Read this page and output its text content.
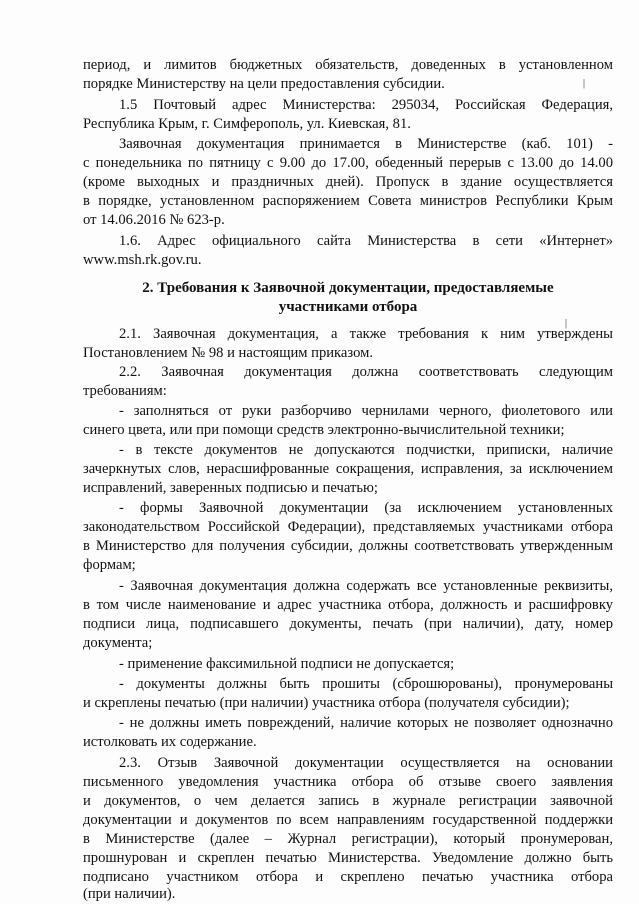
период, и лимитов бюджетных обязательств, доведенных в установленном
порядке Министерству на цели предоставления субсидии.
1.5 Почтовый адрес Министерства: 295034, Российская Федерация,
Республика Крым, г. Симферополь, ул. Киевская, 81.
Заявочная документация принимается в Министерстве (каб. 101) -
с понедельника по пятницу с 9.00 до 17.00, обеденный перерыв с 13.00 до 14.00
(кроме выходных и праздничных дней). Пропуск в здание осуществляется
в порядке, установленном распоряжением Совета министров Республики Крым
от 14.06.2016 № 623-р.
1.6. Адрес официального сайта Министерства в сети «Интернет»
www.msh.rk.gov.ru.
2. Требования к Заявочной документации, предоставляемые
участниками отбора
2.1. Заявочная документация, а также требования к ним утверждены
Постановлением № 98 и настоящим приказом.
2.2. Заявочная документация должна соответствовать следующим
требованиям:
- заполняться от руки разборчиво чернилами черного, фиолетового или
синего цвета, или при помощи средств электронно-вычислительной техники;
- в тексте документов не допускаются подчистки, приписки, наличие
зачеркнутых слов, нерасшифрованные сокращения, исправления, за исключением
исправлений, заверенных подписью и печатью;
- формы Заявочной документации (за исключением установленных
законодательством Российской Федерации), представляемых участниками отбора
в Министерство для получения субсидии, должны соответствовать утвержденным
формам;
- Заявочная документация должна содержать все установленные реквизиты,
в том числе наименование и адрес участника отбора, должность и расшифровку
подписи лица, подписавшего документы, печать (при наличии), дату, номер
документа;
- применение факсимильной подписи не допускается;
- документы должны быть прошиты (сброшюрованы), пронумерованы
и скреплены печатью (при наличии) участника отбора (получателя субсидии);
- не должны иметь повреждений, наличие которых не позволяет однозначно
истолковать их содержание.
2.3. Отзыв Заявочной документации осуществляется на основании
письменного уведомления участника отбора об отзыве своего заявления
и документов, о чем делается запись в журнале регистрации заявочной
документации и документов по всем направлениям государственной поддержки
в Министерстве (далее – Журнал регистрации), который пронумерован,
прошнурован и скреплен печатью Министерства. Уведомление должно быть
подписано участником отбора и скреплено печатью участника отбора
(при наличии).
|
|
